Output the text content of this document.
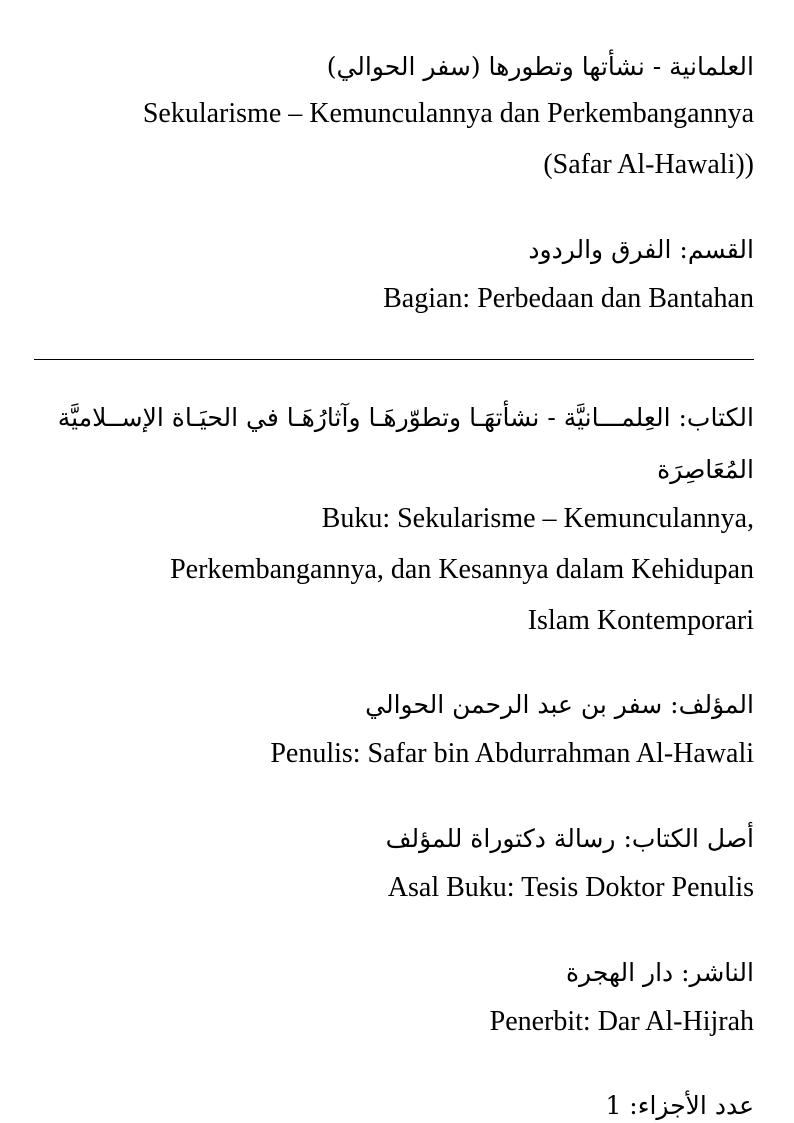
العلمانية - نشأتها وتطورها (سفر الحوالي)

Sekularisme – Kemunculannya dan Perkembangannya

(Safar Al-Hawali))

القسم: الفرق والردود

Bagian: Perbedaan dan Bantahan

الكتاب: العِلمـــانيَّة - نشأتهَـا وتطوّرهَـا وآثارُهَـا في الحيَـاة الإســلاميَّة

المُعَاصِرَة

Buku: Sekularisme – Kemunculannya,

Perkembangannya, dan Kesannya dalam Kehidupan

Islam Kontemporari

المؤلف: سفر بن عبد الرحمن الحوالي

Penulis: Safar bin Abdurrahman Al-Hawali

أصل الكتاب: رسالة دكتوراة للمؤلف

Asal Buku: Tesis Doktor Penulis

الناشر: دار الهجرة

Penerbit: Dar Al-Hijrah

عدد الأجزاء: 1
